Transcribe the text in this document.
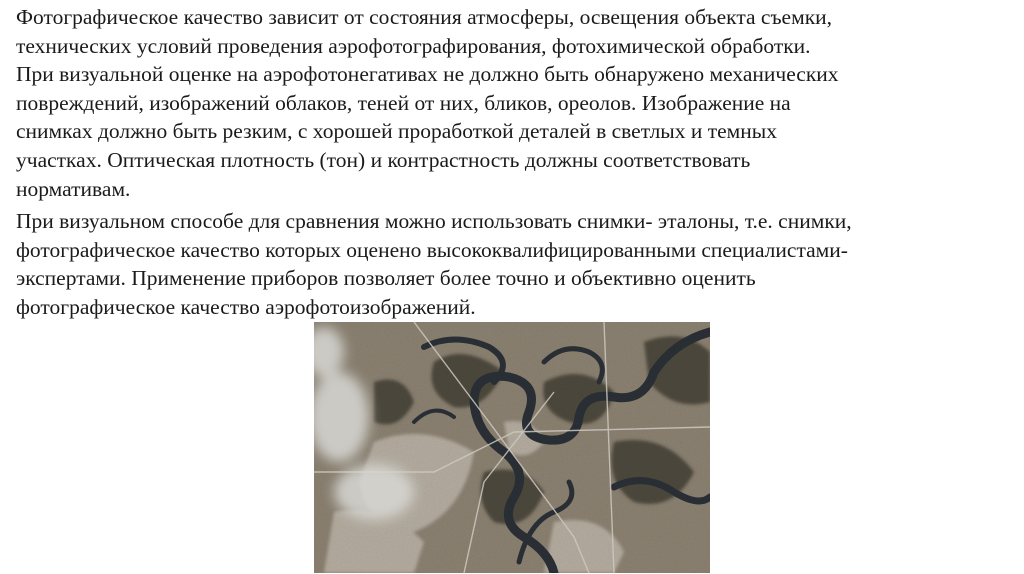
Фотографическое качество зависит от состояния атмосферы, освещения объекта съемки,
технических условий проведения аэрофотографирования, фотохимической обработки.
При визуальной оценке на аэрофотонегативах не должно быть обнаружено механических
повреждений, изображений облаков, теней от них, бликов, ореолов. Изображение на
снимках должно быть резким, с хорошей проработкой деталей в светлых и темных
участках. Оптическая плотность (тон) и контрастность должны соответствовать
нормативам.

При визуальном способе для сравнения можно использовать снимки- эталоны, т.е. снимки,
фотографическое качество которых оценено высококвалифицированными специалистами-
экспертами. Применение приборов позволяет более точно и объективно оценить
фотографическое качество аэрофотоизображений.
